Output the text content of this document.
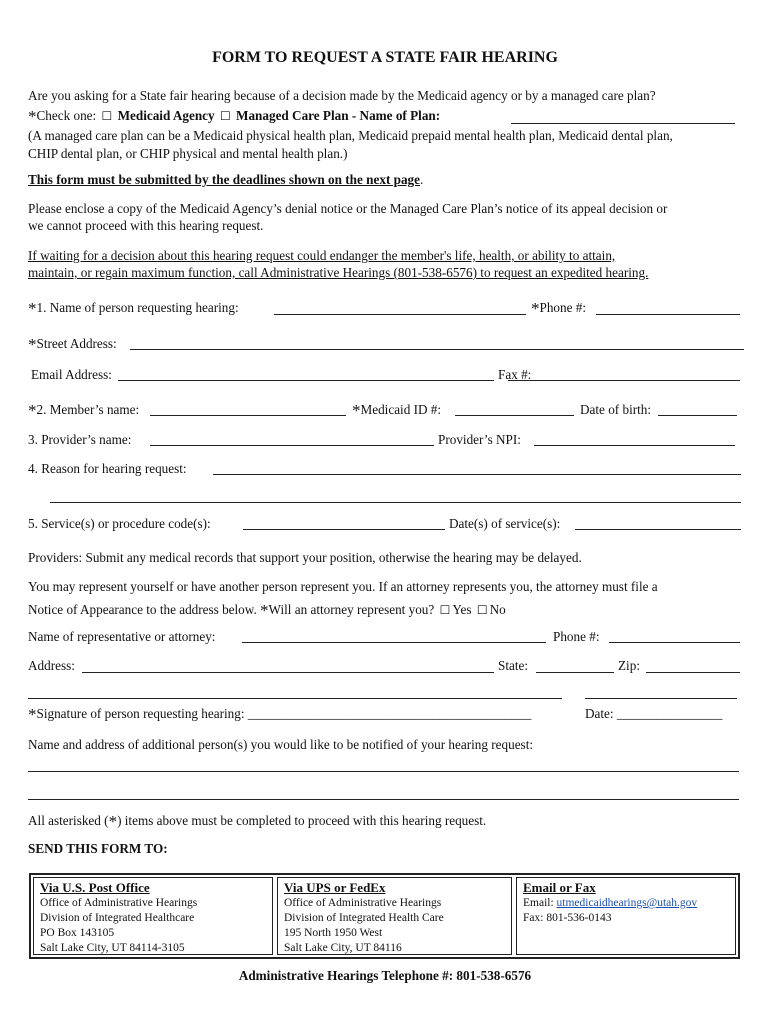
FORM TO REQUEST A STATE FAIR HEARING
Are you asking for a State fair hearing because of a decision made by the Medicaid agency or by a managed care plan?
*Check one: ☐ Medicaid Agency ☐ Managed Care Plan - Name of Plan:
(A managed care plan can be a Medicaid physical health plan, Medicaid prepaid mental health plan, Medicaid dental plan,
CHIP dental plan, or CHIP physical and mental health plan.)
This form must be submitted by the deadlines shown on the next page.
Please enclose a copy of the Medicaid Agency’s denial notice or the Managed Care Plan’s notice of its appeal decision or
we cannot proceed with this hearing request.
If waiting for a decision about this hearing request could endanger the member's life, health, or ability to attain,
maintain, or regain maximum function, call Administrative Hearings (801-538-6576) to request an expedited hearing.
*1. Name of person requesting hearing:	*Phone #:
*Street Address:
Email Address:	Fax #:
*2. Member’s name:	*Medicaid ID #:	Date of birth:
3. Provider’s name:	Provider’s NPI:
4. Reason for hearing request:
5. Service(s) or procedure code(s):	Date(s) of service(s):
Providers: Submit any medical records that support your position, otherwise the hearing may be delayed.
You may represent yourself or have another person represent you. If an attorney represents you, the attorney must file a
Notice of Appearance to the address below. *Will an attorney represent you? ☐ Yes ☐ No
Name of representative or attorney:	Phone #:
Address:	State:	Zip:
*Signature of person requesting hearing: ___________________________________________	Date: ________________
Name and address of additional person(s) you would like to be notified of your hearing request:
All asterisked (*) items above must be completed to proceed with this hearing request.
SEND THIS FORM TO:
Via U.S. Post Office
Office of Administrative Hearings
Division of Integrated Healthcare
PO Box 143105
Salt Lake City, UT 84114-3105
Via UPS or FedEx
Office of Administrative Hearings
Division of Integrated Health Care
195 North 1950 West
Salt Lake City, UT 84116
Email or Fax
Email: utmedicaidhearings@utah.gov
Fax: 801-536-0143
Administrative Hearings Telephone #: 801-538-6576
